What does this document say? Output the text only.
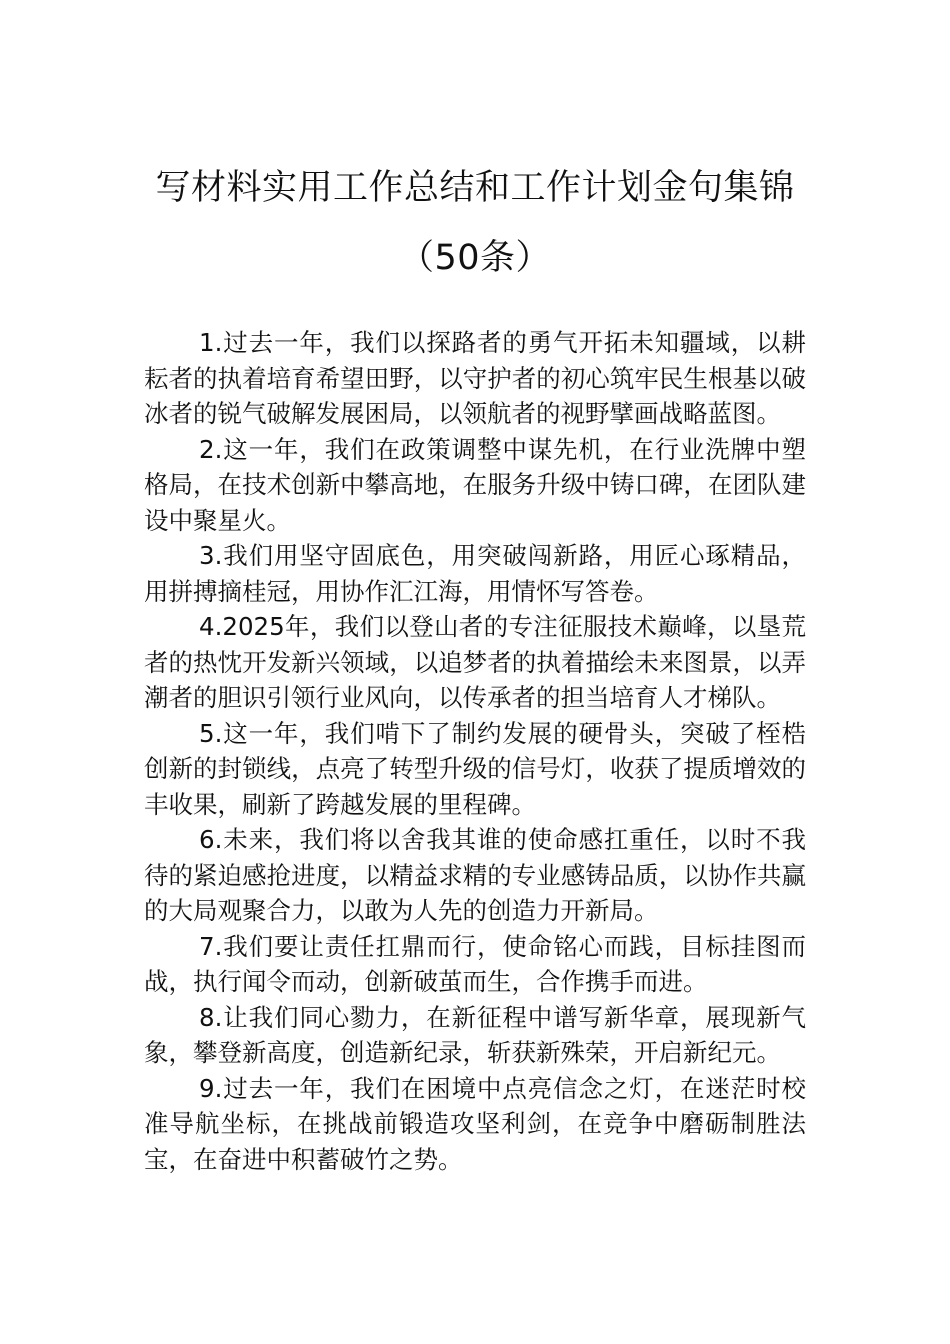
写材料实用工作总结和工作计划金句集锦
（50条）

1.过去一年，我们以探路者的勇气开拓未知疆域，以耕耘者的执着培育希望田野，以守护者的初心筑牢民生根基以破冰者的锐气破解发展困局，以领航者的视野擘画战略蓝图。

2.这一年，我们在政策调整中谋先机，在行业洗牌中塑格局，在技术创新中攀高地，在服务升级中铸口碑，在团队建设中聚星火。

3.我们用坚守固底色，用突破闯新路，用匠心琢精品，用拼搏摘桂冠，用协作汇江海，用情怀写答卷。

4.2025年，我们以登山者的专注征服技术巅峰，以垦荒者的热忱开发新兴领域，以追梦者的执着描绘未来图景，以弄潮者的胆识引领行业风向，以传承者的担当培育人才梯队。

5.这一年，我们啃下了制约发展的硬骨头，突破了桎梏创新的封锁线，点亮了转型升级的信号灯，收获了提质增效的丰收果，刷新了跨越发展的里程碑。

6.未来，我们将以舍我其谁的使命感扛重任，以时不我待的紧迫感抢进度，以精益求精的专业感铸品质，以协作共赢的大局观聚合力，以敢为人先的创造力开新局。

7.我们要让责任扛鼎而行，使命铭心而践，目标挂图而战，执行闻令而动，创新破茧而生，合作携手而进。

8.让我们同心勠力，在新征程中谱写新华章，展现新气象，攀登新高度，创造新纪录，斩获新殊荣，开启新纪元。

9.过去一年，我们在困境中点亮信念之灯，在迷茫时校准导航坐标，在挑战前锻造攻坚利剑，在竞争中磨砺制胜法宝，在奋进中积蓄破竹之势。
